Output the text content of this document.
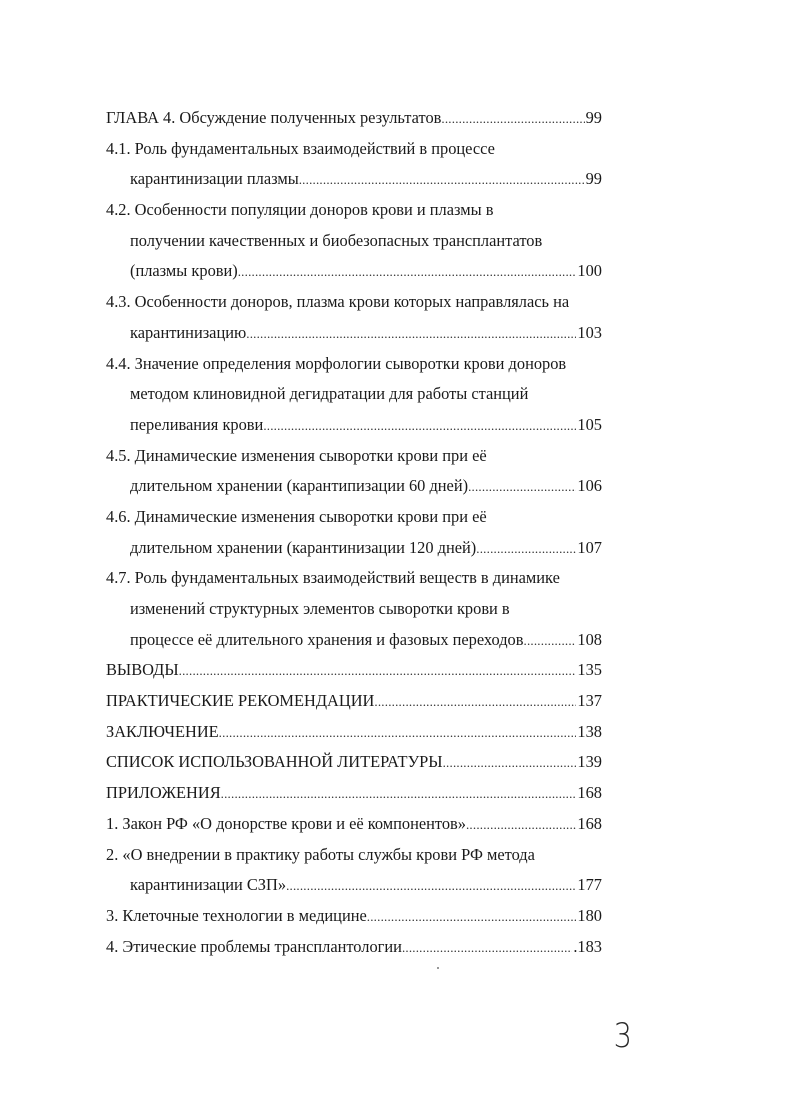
ГЛАВА 4. Обсуждение полученных результатов .....	99
4.1. Роль фундаментальных взаимодействий в процессе
карантинизации плазмы .....	99
4.2. Особенности популяции доноров крови и плазмы в
получении качественных и биобезопасных трансплантатов
(плазмы крови) .....	100
4.3. Особенности доноров, плазма крови которых направлялась на
карантинизацию .....	103
4.4. Значение определения морфологии сыворотки крови доноров
методом клиновидной дегидратации для работы станций
переливания крови .....	105
4.5. Динамические изменения сыворотки крови при её
длительном хранении (карантипизации 60 дней) .....	106
4.6. Динамические изменения сыворотки крови при её
длительном хранении (карантинизации 120 дней) .....	107
4.7. Роль фундаментальных взаимодействий веществ в динамике
изменений структурных элементов сыворотки крови в
процессе её длительного хранения и фазовых переходов .....	108
ВЫВОДЫ .....	135
ПРАКТИЧЕСКИЕ РЕКОМЕНДАЦИИ .....	137
ЗАКЛЮЧЕНИЕ .....	138
СПИСОК ИСПОЛЬЗОВАННОЙ ЛИТЕРАТУРЫ .....	139
ПРИЛОЖЕНИЯ .....	168
1. Закон РФ «О донорстве крови и её компонентов» .....	168
2. «О внедрении в практику работы службы крови РФ метода
карантинизации СЗП» .....	177
3. Клеточные технологии в медицине .....	180
4. Этические проблемы трансплантологии .....	.183
3
